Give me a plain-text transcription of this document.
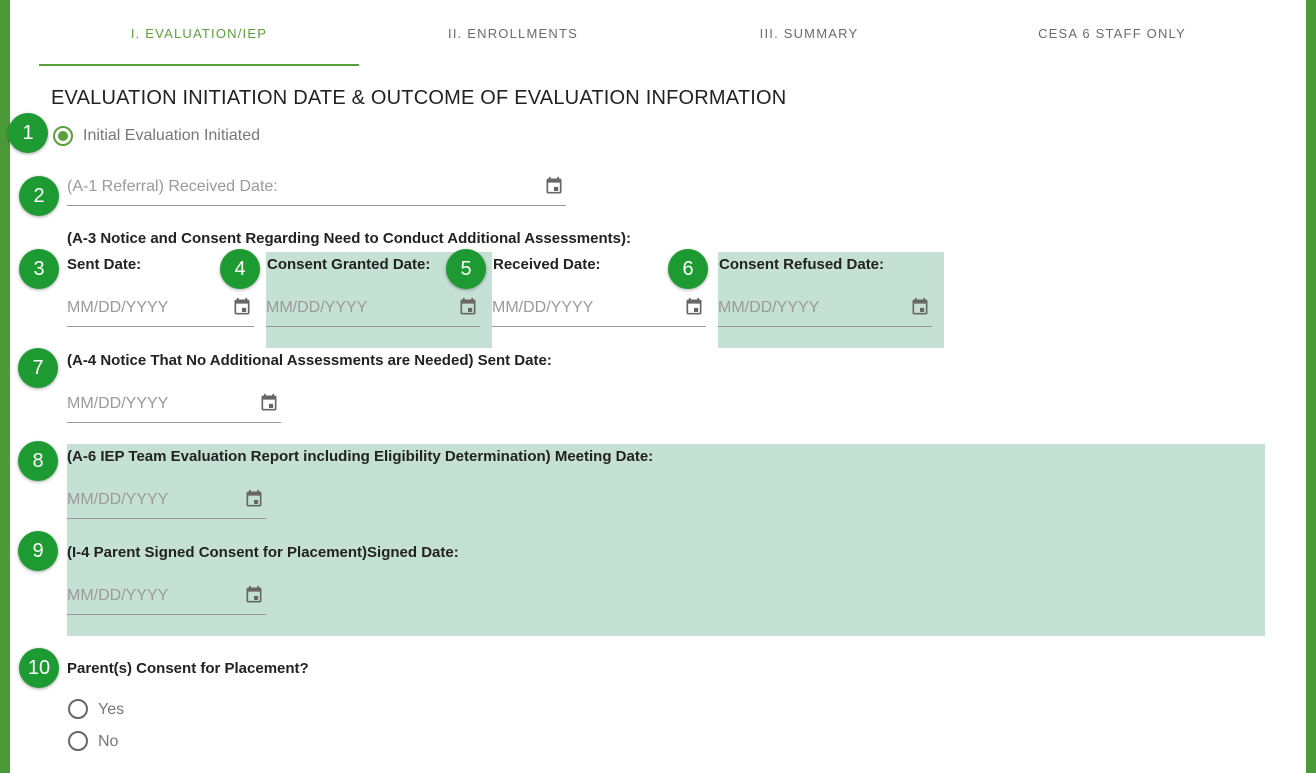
I. EVALUATION/IEP	II. ENROLLMENTS	III. SUMMARY	CESA 6 STAFF ONLY
EVALUATION INITIATION DATE & OUTCOME OF EVALUATION INFORMATION
Initial Evaluation Initiated
(A-1 Referral) Received Date:
(A-3 Notice and Consent Regarding Need to Conduct Additional Assessments):
Sent Date:	Consent Granted Date:	Received Date:	Consent Refused Date:
MM/DD/YYYY	MM/DD/YYYY	MM/DD/YYYY	MM/DD/YYYY
(A-4 Notice That No Additional Assessments are Needed) Sent Date:
MM/DD/YYYY
(A-6 IEP Team Evaluation Report including Eligibility Determination) Meeting Date:
MM/DD/YYYY
(I-4 Parent Signed Consent for Placement)Signed Date:
MM/DD/YYYY
Parent(s) Consent for Placement?
Yes
No
1
2
3	4	5	6
7
8
9
10
